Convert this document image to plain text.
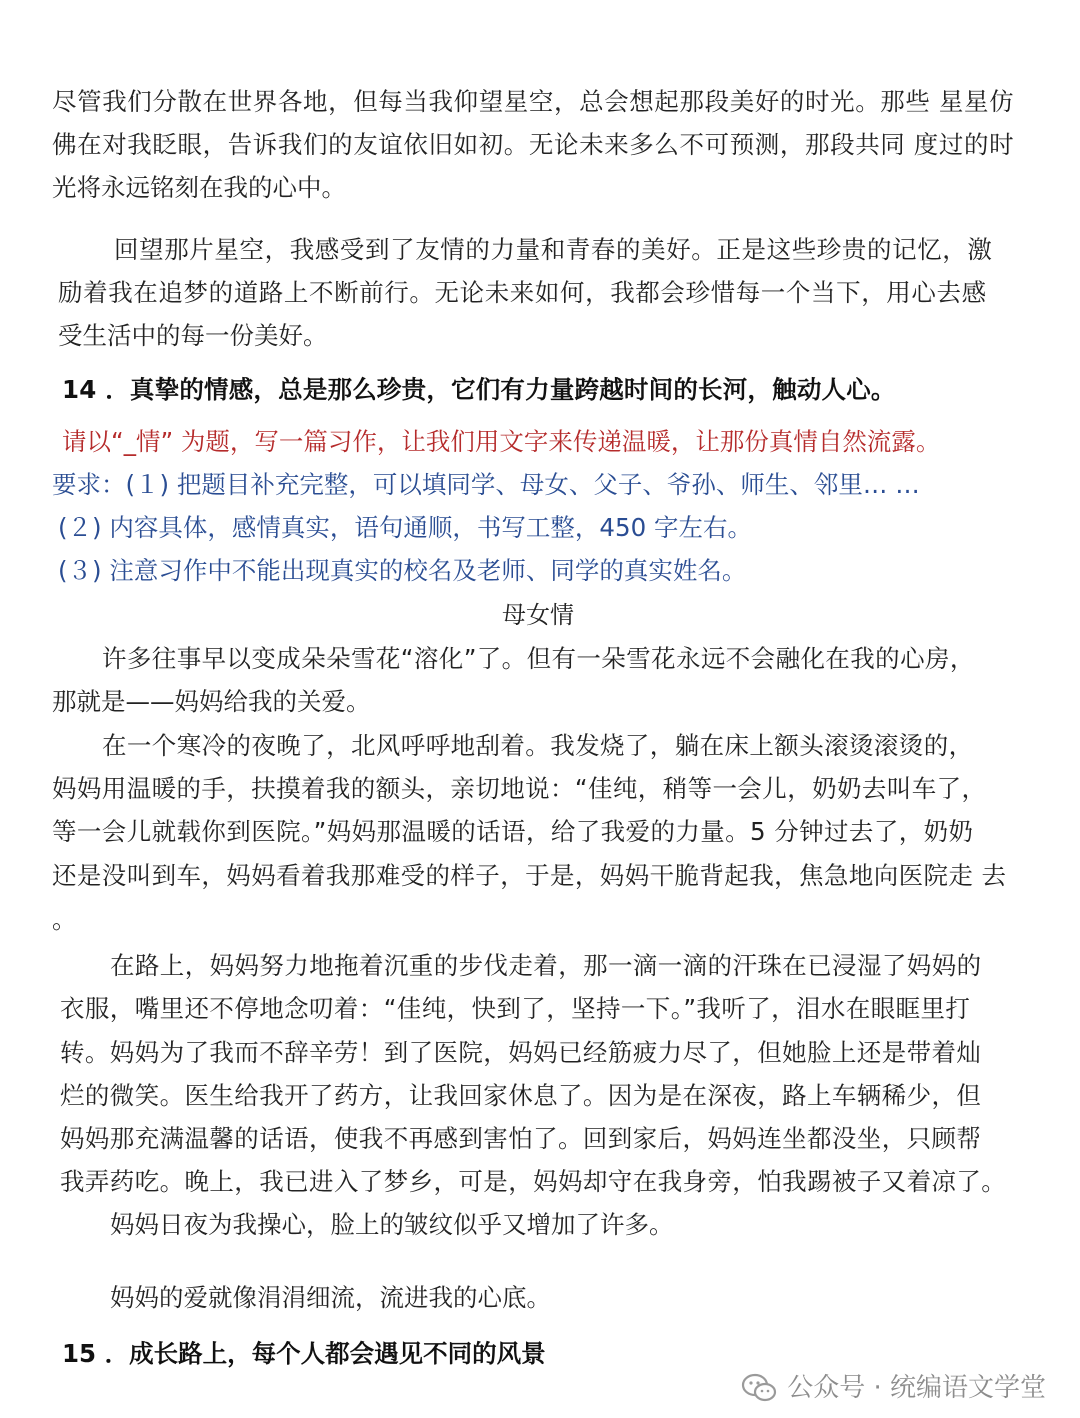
尽管我们分散在世界各地，但每当我仰望星空，总会想起那段美好的时光。那些 星星仿
佛在对我眨眼，告诉我们的友谊依旧如初。无论未来多么不可预测，那段共同 度过的时
光将永远铭刻在我的心中。
回望那片星空，我感受到了友情的力量和青春的美好。正是这些珍贵的记忆，激
励着我在追梦的道路上不断前行。无论未来如何，我都会珍惜每一个当下，用心去感
受生活中的每一份美好。
14 ．真挚的情感，总是那么珍贵，它们有力量跨越时间的长河，触动人心。
请以“_情” 为题，写一篇习作，让我们用文字来传递温暖，让那份真情自然流露。
要求：(１) 把题目补充完整，可以填同学、母女、父子、爷孙、师生、邻里… …
(２) 内容具体，感情真实，语句通顺，书写工整，450 字左右。
(３) 注意习作中不能出现真实的校名及老师、同学的真实姓名。
母女情
许多往事早以变成朵朵雪花“溶化”了。但有一朵雪花永远不会融化在我的心房，
那就是——妈妈给我的关爱。
在一个寒冷的夜晚了，北风呼呼地刮着。我发烧了，躺在床上额头滚烫滚烫的，
妈妈用温暖的手，扶摸着我的额头，亲切地说：“佳纯，稍等一会儿，奶奶去叫车了，
等一会儿就载你到医院。”妈妈那温暖的话语，给了我爱的力量。5 分钟过去了，奶奶
还是没叫到车，妈妈看着我那难受的样子，于是，妈妈干脆背起我，焦急地向医院走 去
。
在路上，妈妈努力地拖着沉重的步伐走着，那一滴一滴的汗珠在已浸湿了妈妈的
衣服，嘴里还不停地念叨着：“佳纯，快到了，坚持一下。”我听了，泪水在眼眶里打
转。妈妈为了我而不辞辛劳！到了医院，妈妈已经筋疲力尽了，但她脸上还是带着灿
烂的微笑。医生给我开了药方，让我回家休息了。因为是在深夜，路上车辆稀少，但
妈妈那充满温馨的话语，使我不再感到害怕了。回到家后，妈妈连坐都没坐，只顾帮
我弄药吃。晚上，我已进入了梦乡，可是，妈妈却守在我身旁，怕我踢被子又着凉了。
妈妈日夜为我操心，脸上的皱纹似乎又增加了许多。
妈妈的爱就像涓涓细流，流进我的心底。
15 ．成长路上，每个人都会遇见不同的风景
公众号 · 统编语文学堂
